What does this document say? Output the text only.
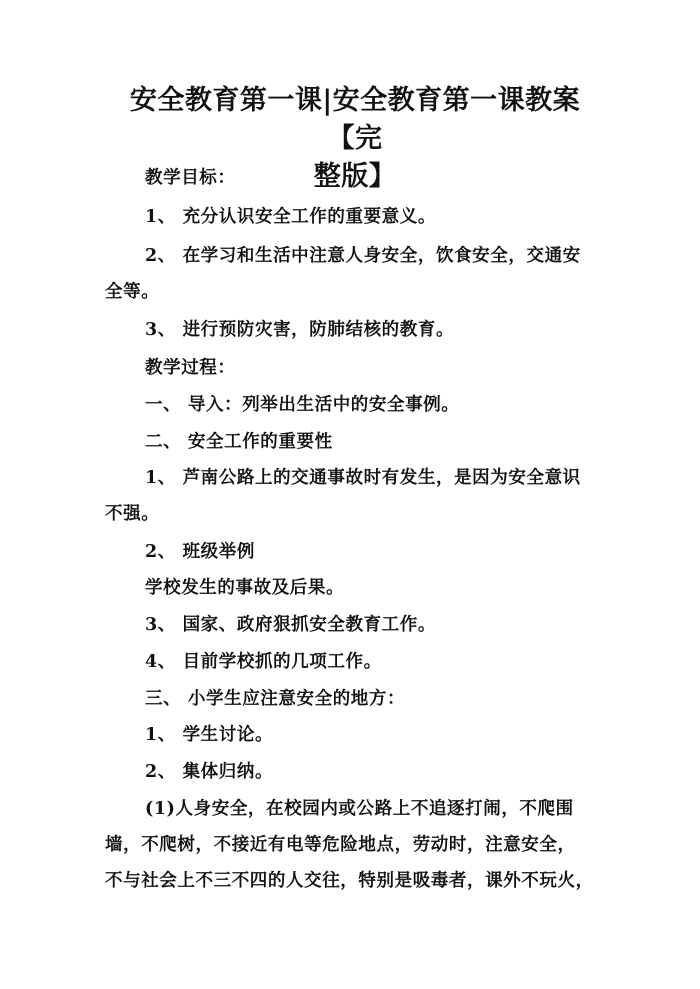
安全教育第一课|安全教育第一课教案【完
整版】
教学目标：
1、 充分认识安全工作的重要意义。
2、 在学习和生活中注意人身安全，饮食安全，交通安
全等。
3、 进行预防灾害，防肺结核的教育。
教学过程：
一、 导入：列举出生活中的安全事例。
二、 安全工作的重要性
1、 芦南公路上的交通事故时有发生，是因为安全意识
不强。
2、 班级举例
学校发生的事故及后果。
3、 国家、政府狠抓安全教育工作。
4、 目前学校抓的几项工作。
三、 小学生应注意安全的地方：
1、 学生讨论。
2、 集体归纳。
(1)人身安全，在校园内或公路上不追逐打闹，不爬围
墙，不爬树，不接近有电等危险地点，劳动时，注意安全，
不与社会上不三不四的人交往，特别是吸毒者，课外不玩火，
